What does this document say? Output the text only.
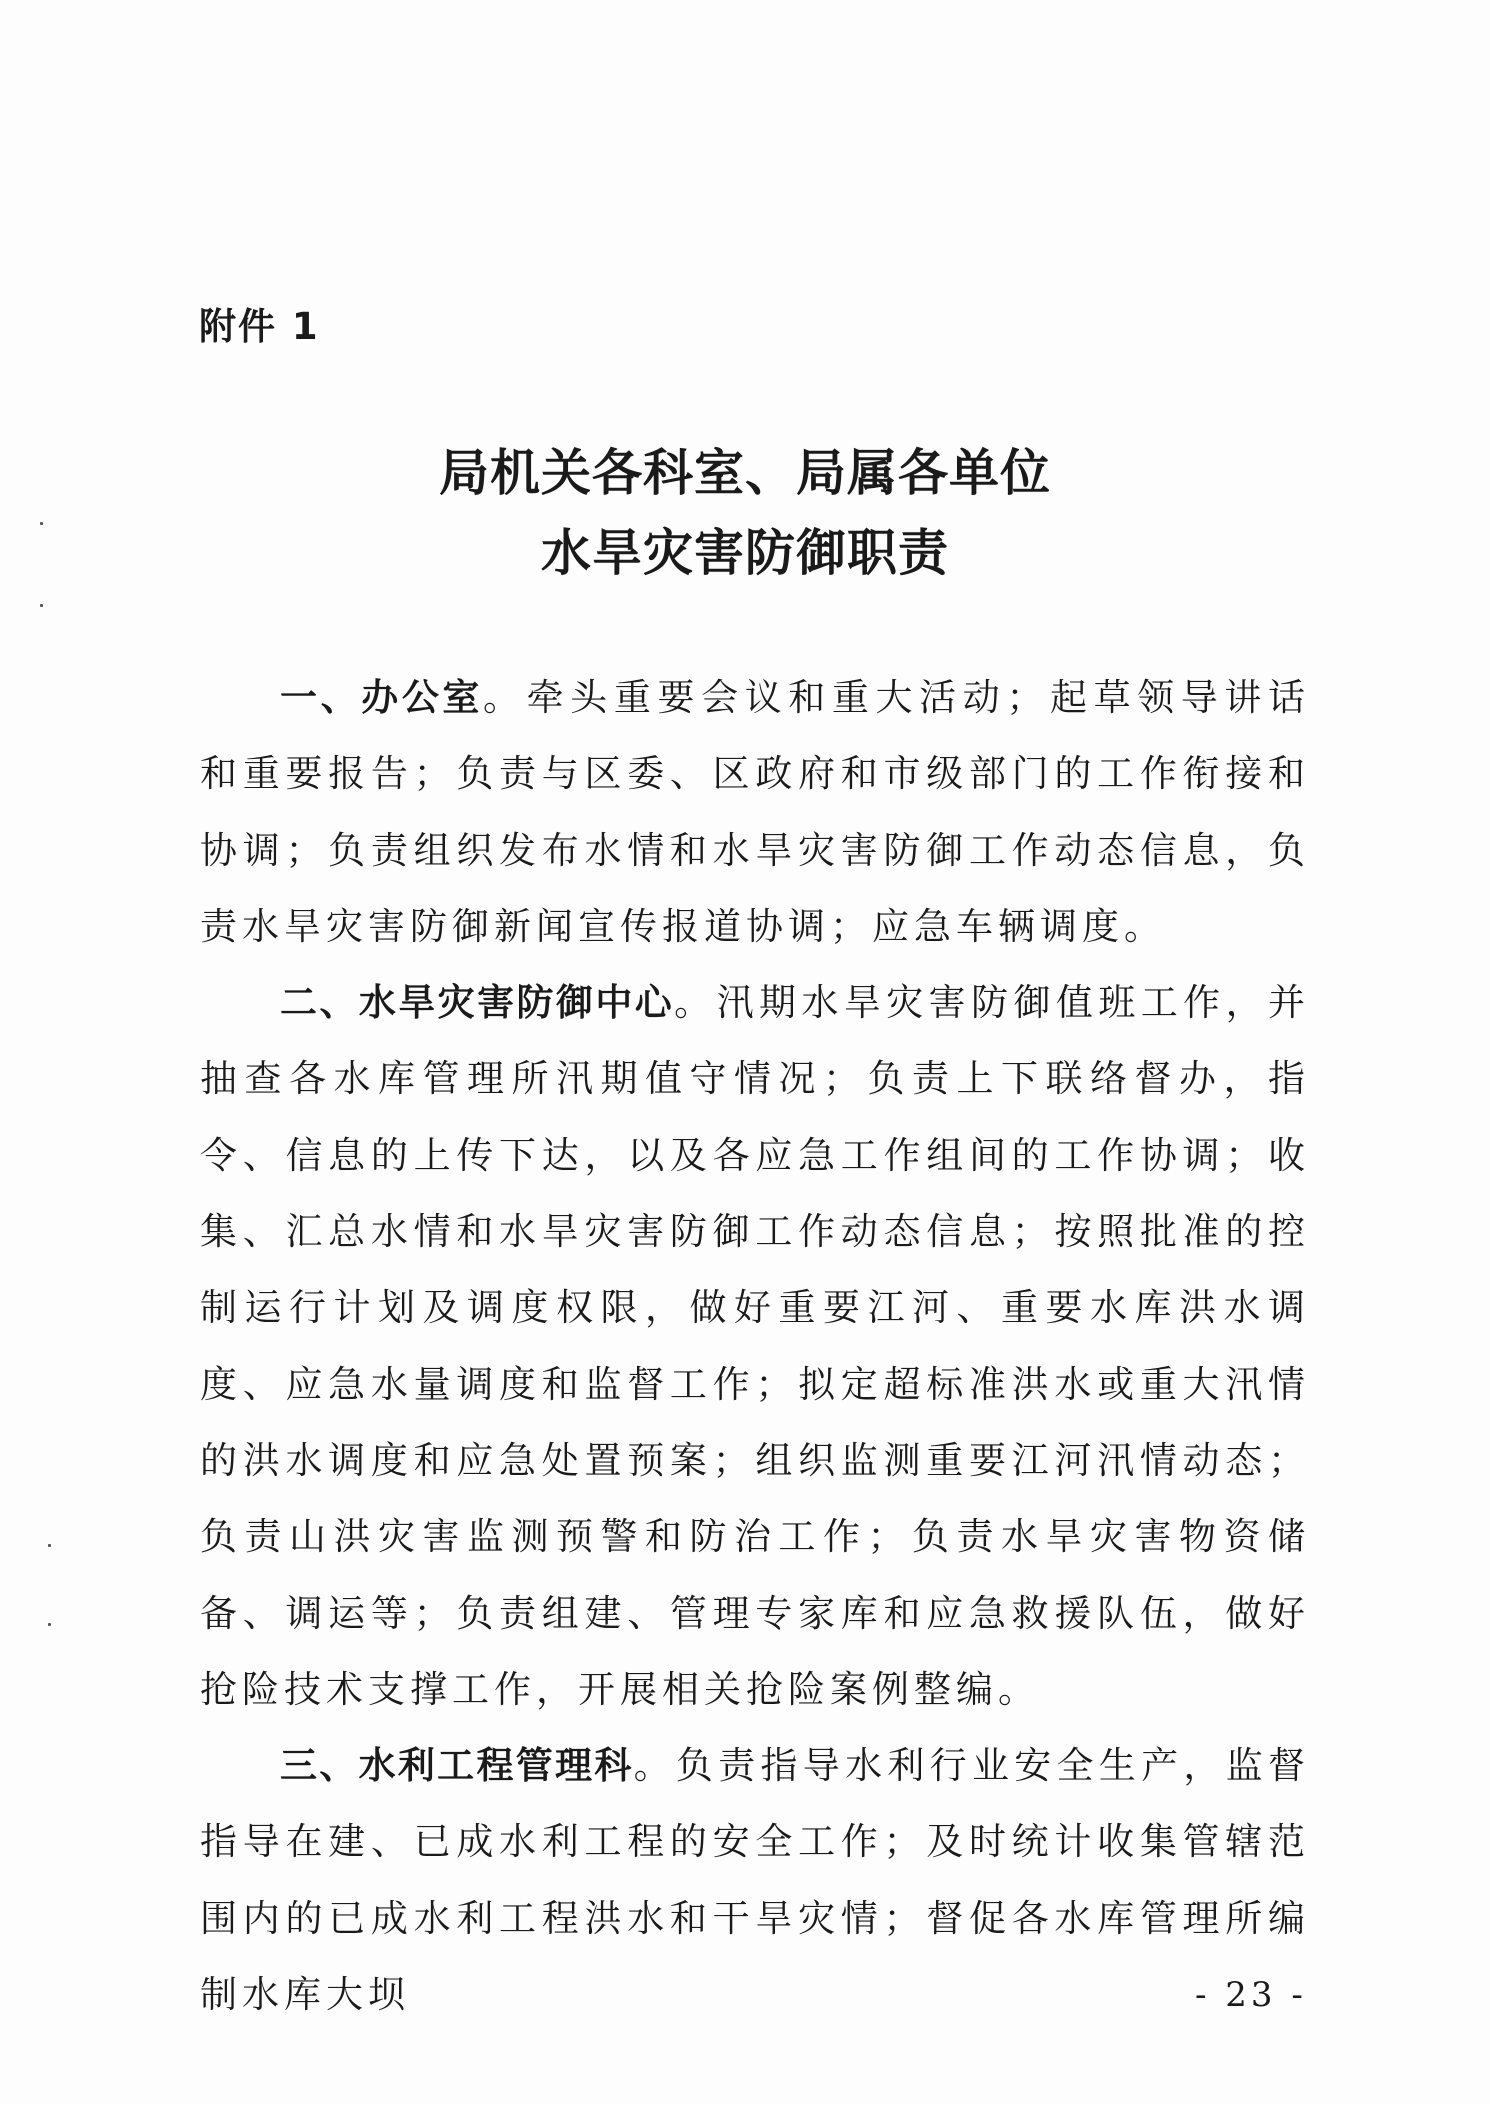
附件 1
局机关各科室、局属各单位
水旱灾害防御职责

一、办公室。牵头重要会议和重大活动；起草领导讲话和重要报告；负责与区委、区政府和市级部门的工作衔接和协调；负责组织发布水情和水旱灾害防御工作动态信息，负责水旱灾害防御新闻宣传报道协调；应急车辆调度。

二、水旱灾害防御中心。汛期水旱灾害防御值班工作，并抽查各水库管理所汛期值守情况；负责上下联络督办，指令、信息的上传下达，以及各应急工作组间的工作协调；收集、汇总水情和水旱灾害防御工作动态信息；按照批准的控制运行计划及调度权限，做好重要江河、重要水库洪水调度、应急水量调度和监督工作；拟定超标准洪水或重大汛情的洪水调度和应急处置预案；组织监测重要江河汛情动态；负责山洪灾害监测预警和防治工作；负责水旱灾害物资储备、调运等；负责组建、管理专家库和应急救援队伍，做好抢险技术支撑工作，开展相关抢险案例整编。

三、水利工程管理科。负责指导水利行业安全生产，监督指导在建、已成水利工程的安全工作；及时统计收集管辖范围内的已成水利工程洪水和干旱灾情；督促各水库管理所编制水库大坝	- 23 -
